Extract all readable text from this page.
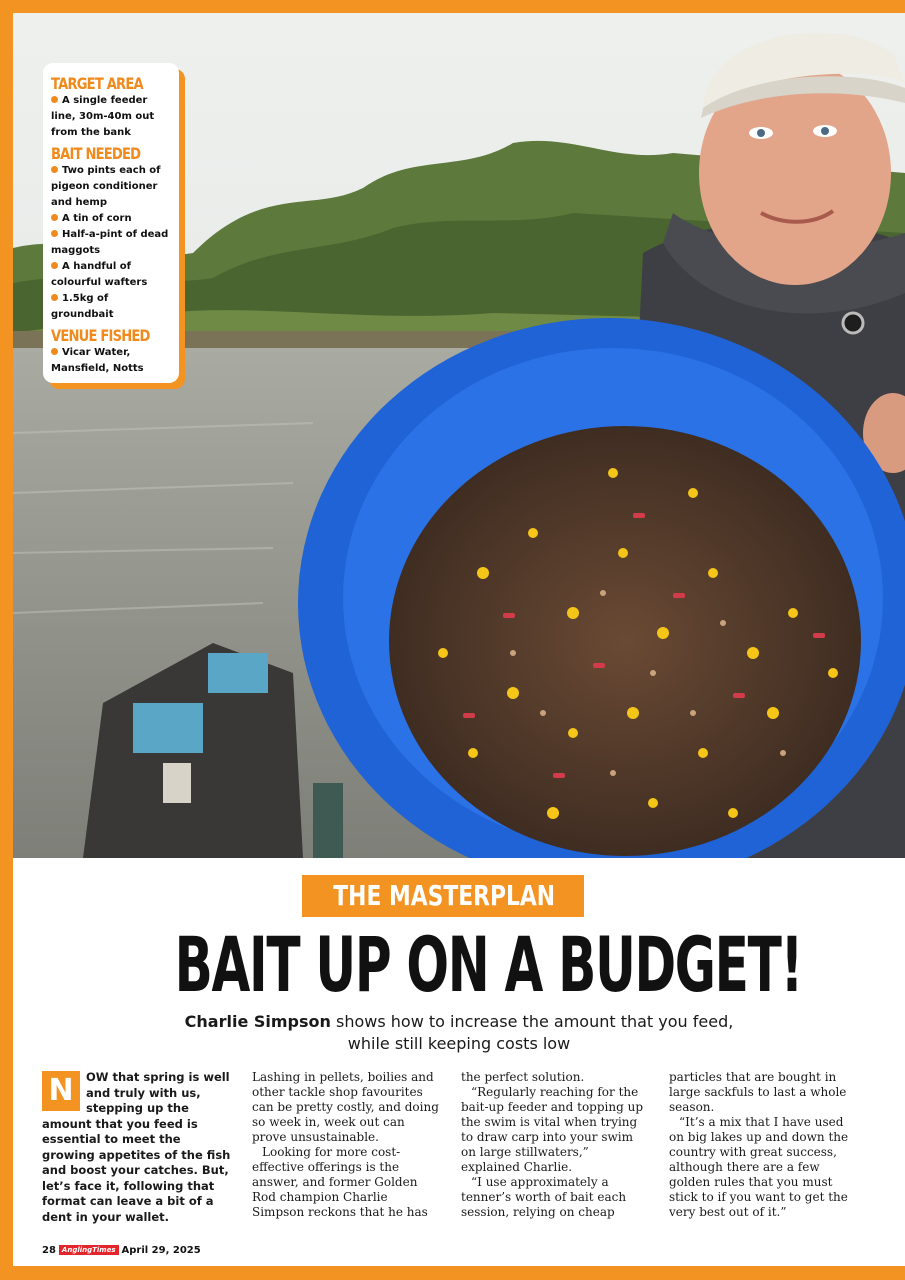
TARGET AREA
A single feeder line, 30m-40m out from the bank
BAIT NEEDED
Two pints each of pigeon conditioner and hemp
A tin of corn
Half-a-pint of dead maggots
A handful of colourful wafters
1.5kg of groundbait
VENUE FISHED
Vicar Water, Mansfield, Notts
THE MASTERPLAN
BAIT UP ON A BUDGET!
Charlie Simpson shows how to increase the amount that you feed, while still keeping costs low
N	OW that spring is well and truly with us, stepping up the amount that you feed is essential to meet the growing appetites of the fish and boost your catches. But, let’s face it, following that format can leave a bit of a dent in your wallet.

Lashing in pellets, boilies and other tackle shop favourites can be pretty costly, and doing so week in, week out can prove unsustainable.

Looking for more cost-effective offerings is the answer, and former Golden Rod champion Charlie Simpson reckons that he has

the perfect solution.

“Regularly reaching for the bait-up feeder and topping up the swim is vital when trying to draw carp into your swim on large stillwaters,” explained Charlie.

“I use approximately a tenner’s worth of bait each session, relying on cheap

particles that are bought in large sackfuls to last a whole season.

“It’s a mix that I have used on big lakes up and down the country with great success, although there are a few golden rules that you must stick to if you want to get the very best out of it.”

28 AnglingTimes April 29, 2025
